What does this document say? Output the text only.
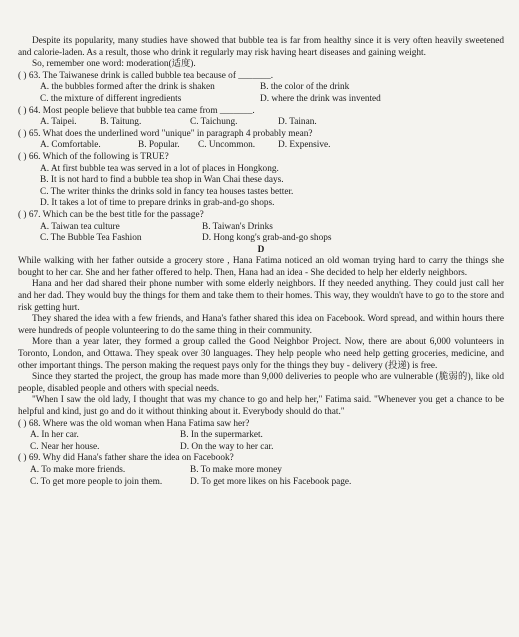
Despite its popularity, many studies have showed that bubble tea is far from healthy since it is very often heavily sweetened and calorie-laden. As a result, those who drink it regularly may risk having heart diseases and gaining weight.

So, remember one word: moderation(适度).

( ) 63. The Taiwanese drink is called bubble tea because of _______.
A. the bubbles formed after the drink is shaken	B. the color of the drink
C. the mixture of different ingredients	D. where the drink was invented
( ) 64. Most people believe that bubble tea came from _______.
A. Taipei.	B. Taitung.	C. Taichung.	D. Tainan.
( ) 65. What does the underlined word "unique" in paragraph 4 probably mean?
A. Comfortable.	B. Popular.	C. Uncommon.	D. Expensive.
( ) 66. Which of the following is TRUE?
A. At first bubble tea was served in a lot of places in Hongkong.
B. It is not hard to find a bubble tea shop in Wan Chai these days.
C. The writer thinks the drinks sold in fancy tea houses tastes better.
D. It takes a lot of time to prepare drinks in grab-and-go shops.
( ) 67. Which can be the best title for the passage?
A. Taiwan tea culture	B. Taiwan's Drinks
C. The Bubble Tea Fashion	D. Hong kong's grab-and-go shops
D

While walking with her father outside a grocery store , Hana Fatima noticed an old woman trying hard to carry the things she bought to her car. She and her father offered to help. Then, Hana had an idea - She decided to help her elderly neighbors.

Hana and her dad shared their phone number with some elderly neighbors. If they needed anything. They could just call her and her dad. They would buy the things for them and take them to their homes. This way, they wouldn't have to go to the store and risk getting hurt.

They shared the idea with a few friends, and Hana's father shared this idea on Facebook. Word spread, and within hours there were hundreds of people volunteering to do the same thing in their community.

More than a year later, they formed a group called the Good Neighbor Project. Now, there are about 6,000 volunteers in Toronto, London, and Ottawa. They speak over 30 languages. They help people who need help getting groceries, medicine, and other important things. The person making the request pays only for the things they buy - delivery (投递) is free.

Since they started the project, the group has made more than 9,000 deliveries to people who are vulnerable (脆弱的), like old people, disabled people and others with special needs.

"When I saw the old lady, I thought that was my chance to go and help her," Fatima said. "Whenever you get a chance to be helpful and kind, just go and do it without thinking about it. Everybody should do that."

( ) 68. Where was the old woman when Hana Fatima saw her?
A. In her car.	B. In the supermarket.
C. Near her house.	D. On the way to her car.
( ) 69. Why did Hana's father share the idea on Facebook?
A. To make more friends.	B. To make more money
C. To get more people to join them.	D. To get more likes on his Facebook page.
